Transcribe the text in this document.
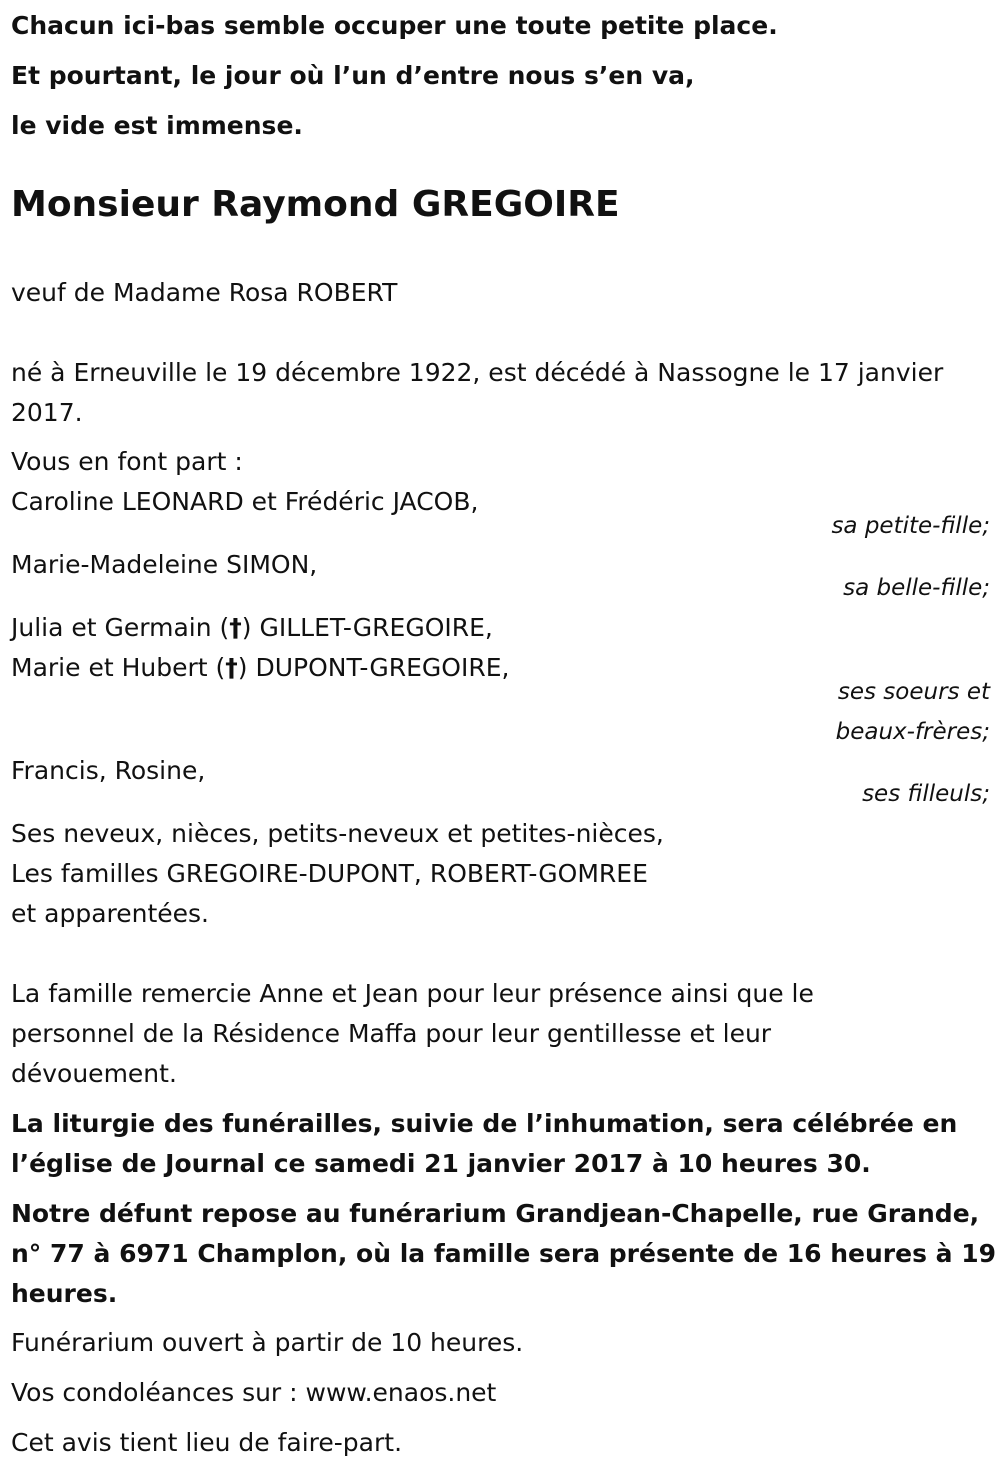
Chacun ici-bas semble occuper une toute petite place.

Et pourtant, le jour où l’un d’entre nous s’en va,

le vide est immense.

Monsieur Raymond GREGOIRE

veuf de Madame Rosa ROBERT

né à Erneuville le 19 décembre 1922, est décédé à Nassogne le 17 janvier

2017.

Vous en font part :

Caroline LEONARD et Frédéric JACOB,

sa petite-fille;

Marie-Madeleine SIMON,

sa belle-fille;

Julia et Germain (†) GILLET-GREGOIRE,

Marie et Hubert (†) DUPONT-GREGOIRE,

ses soeurs et
beaux-frères;

Francis, Rosine,

ses filleuls;

Ses neveux, nièces, petits-neveux et petites-nièces,

Les familles GREGOIRE-DUPONT, ROBERT-GOMREE

et apparentées.

La famille remercie Anne et Jean pour leur présence ainsi que le

personnel de la Résidence Maffa pour leur gentillesse et leur

dévouement.

La liturgie des funérailles, suivie de l’inhumation, sera célébrée en

l’église de Journal ce samedi 21 janvier 2017 à 10 heures 30.

Notre défunt repose au funérarium Grandjean-Chapelle, rue Grande,

n° 77 à 6971 Champlon, où la famille sera présente de 16 heures à 19

heures.

Funérarium ouvert à partir de 10 heures.

Vos condoléances sur : www.enaos.net

Cet avis tient lieu de faire-part.
